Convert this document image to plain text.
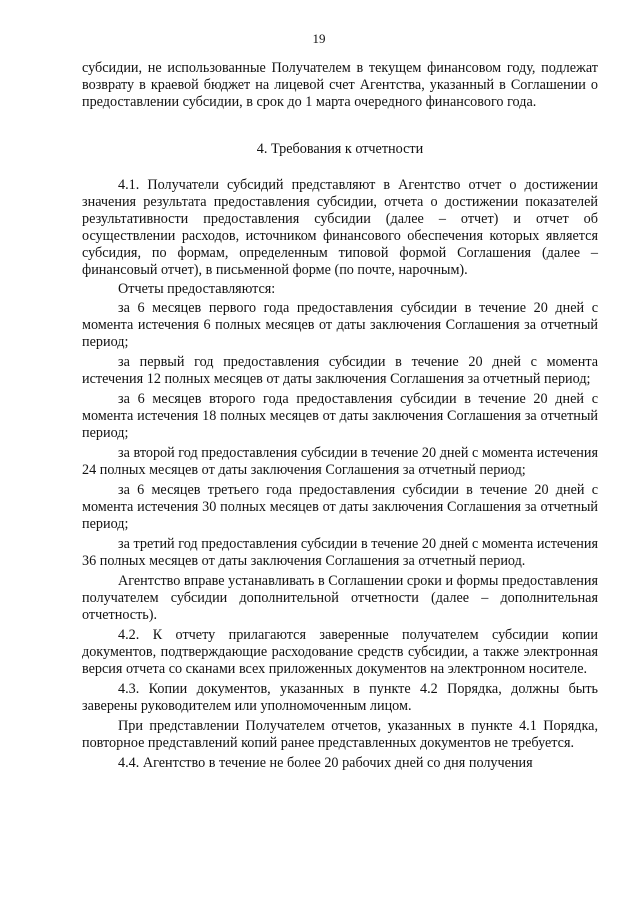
19

субсидии, не использованные Получателем в текущем финансовом году, подлежат возврату в краевой бюджет на лицевой счет Агентства, указанный в Соглашении о предоставлении субсидии, в срок до 1 марта очередного финансового года.

4. Требования к отчетности

4.1. Получатели субсидий представляют в Агентство отчет о достижении значения результата предоставления субсидии, отчета о достижении показателей результативности предоставления субсидии (далее – отчет) и отчет об осуществлении расходов, источником финансового обеспечения которых является субсидия, по формам, определенным типовой формой Соглашения (далее – финансовый отчет), в письменной форме (по почте, нарочным).

Отчеты предоставляются:

за 6 месяцев первого года предоставления субсидии в течение 20 дней с момента истечения 6 полных месяцев от даты заключения Соглашения за отчетный период;

за первый год предоставления субсидии в течение 20 дней с момента истечения 12 полных месяцев от даты заключения Соглашения за отчетный период;

за 6 месяцев второго года предоставления субсидии в течение 20 дней с момента истечения 18 полных месяцев от даты заключения Соглашения за отчетный период;

за второй год предоставления субсидии в течение 20 дней с момента истечения 24 полных месяцев от даты заключения Соглашения за отчетный период;

за 6 месяцев третьего года предоставления субсидии в течение 20 дней с момента истечения 30 полных месяцев от даты заключения Соглашения за отчетный период;

за третий год предоставления субсидии в течение 20 дней с момента истечения 36 полных месяцев от даты заключения Соглашения за отчетный период.

Агентство вправе устанавливать в Соглашении сроки и формы предоставления получателем субсидии дополнительной отчетности (далее – дополнительная отчетность).

4.2. К отчету прилагаются заверенные получателем субсидии копии документов, подтверждающие расходование средств субсидии, а также электронная версия отчета со сканами всех приложенных документов на электронном носителе.

4.3. Копии документов, указанных в пункте 4.2 Порядка, должны быть заверены руководителем или уполномоченным лицом.

При представлении Получателем отчетов, указанных в пункте 4.1 Порядка, повторное представлений копий ранее представленных документов не требуется.

4.4. Агентство в течение не более 20 рабочих дней со дня получения
